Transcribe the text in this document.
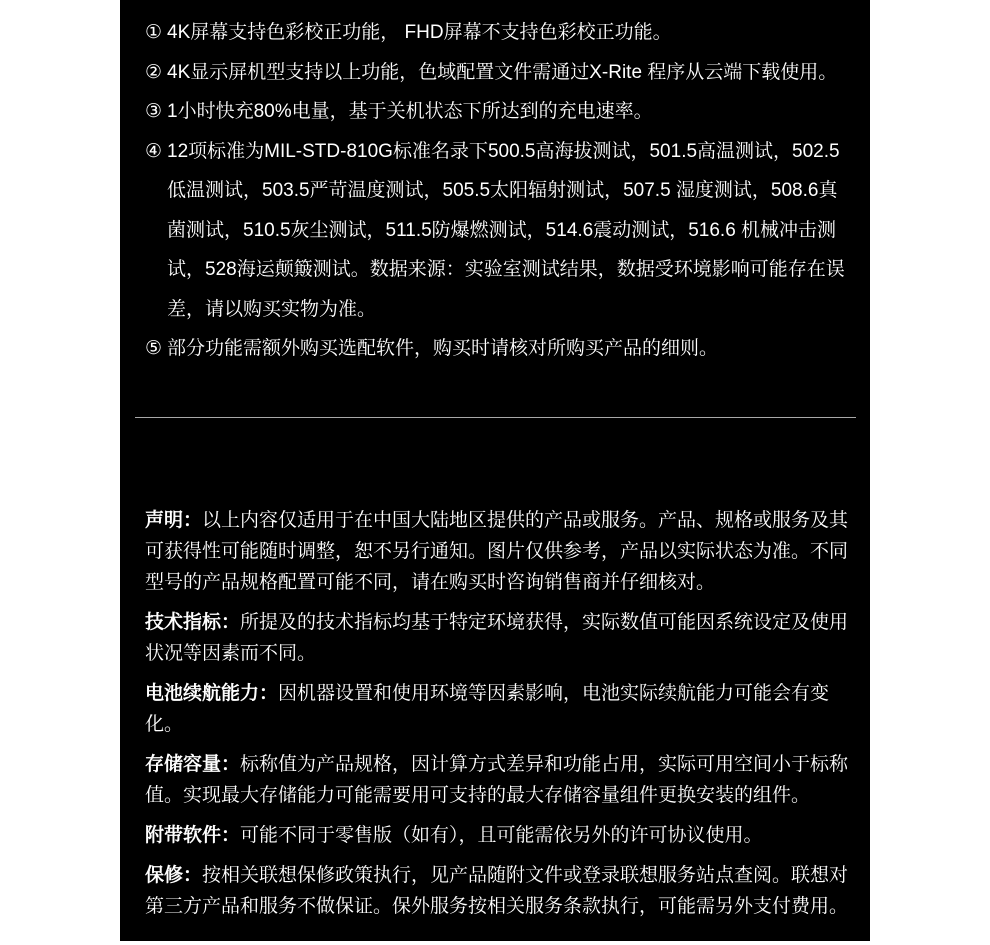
① 4K屏幕支持色彩校正功能， FHD屏幕不支持色彩校正功能。
② 4K显示屏机型支持以上功能，色域配置文件需通过X-Rite 程序从云端下载使用。
③ 1小时快充80%电量，基于关机状态下所达到的充电速率。
④ 12项标准为MIL-STD-810G标准名录下500.5高海拔测试，501.5高温测试，502.5低温测试，503.5严苛温度测试，505.5太阳辐射测试，507.5 湿度测试，508.6真菌测试，510.5灰尘测试，511.5防爆燃测试，514.6震动测试，516.6 机械冲击测试，528海运颠簸测试。数据来源：实验室测试结果，数据受环境影响可能存在误差，请以购买实物为准。
⑤ 部分功能需额外购买选配软件，购买时请核对所购买产品的细则。

声明：以上内容仅适用于在中国大陆地区提供的产品或服务。产品、规格或服务及其可获得性可能随时调整，恕不另行通知。图片仅供参考，产品以实际状态为准。不同型号的产品规格配置可能不同，请在购买时咨询销售商并仔细核对。

技术指标：所提及的技术指标均基于特定环境获得，实际数值可能因系统设定及使用状况等因素而不同。

电池续航能力：因机器设置和使用环境等因素影响，电池实际续航能力可能会有变化。

存储容量：标称值为产品规格，因计算方式差异和功能占用，实际可用空间小于标称值。实现最大存储能力可能需要用可支持的最大存储容量组件更换安装的组件。

附带软件：可能不同于零售版（如有），且可能需依另外的许可协议使用。

保修：按相关联想保修政策执行，见产品随附文件或登录联想服务站点查阅。联想对第三方产品和服务不做保证。保外服务按相关服务条款执行，可能需另外支付费用。
